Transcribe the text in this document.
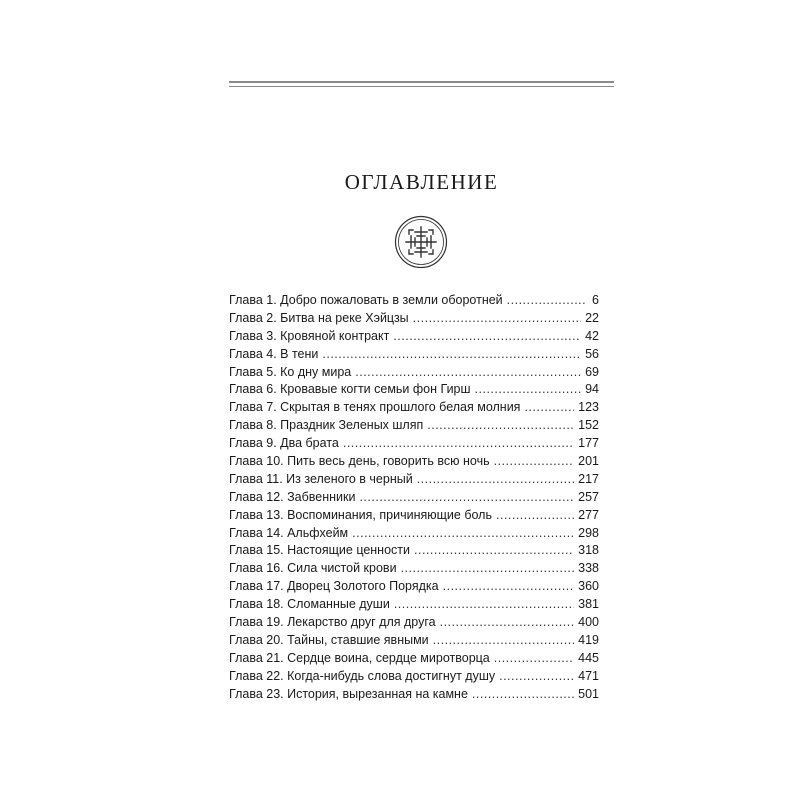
ОГЛАВЛЕНИЕ
Глава 1. Добро пожаловать в земли оборотней .....	6
Глава 2. Битва на реке Хэйцзы .....	22
Глава 3. Кровяной контракт .....	42
Глава 4. В тени .....	56
Глава 5. Ко дну мира .....	69
Глава 6. Кровавые когти семьи фон Гирш .....	94
Глава 7. Скрытая в тенях прошлого белая молния .....	123
Глава 8. Праздник Зеленых шляп .....	152
Глава 9. Два брата .....	177
Глава 10. Пить весь день, говорить всю ночь .....	201
Глава 11. Из зеленого в черный .....	217
Глава 12. Забвенники .....	257
Глава 13. Воспоминания, причиняющие боль .....	277
Глава 14. Альфхейм .....	298
Глава 15. Настоящие ценности .....	318
Глава 16. Сила чистой крови .....	338
Глава 17. Дворец Золотого Порядка .....	360
Глава 18. Сломанные души .....	381
Глава 19. Лекарство друг для друга .....	400
Глава 20. Тайны, ставшие явными .....	419
Глава 21. Сердце воина, сердце миротворца .....	445
Глава 22. Когда-нибудь слова достигнут душу .....	471
Глава 23. История, вырезанная на камне .....	501
